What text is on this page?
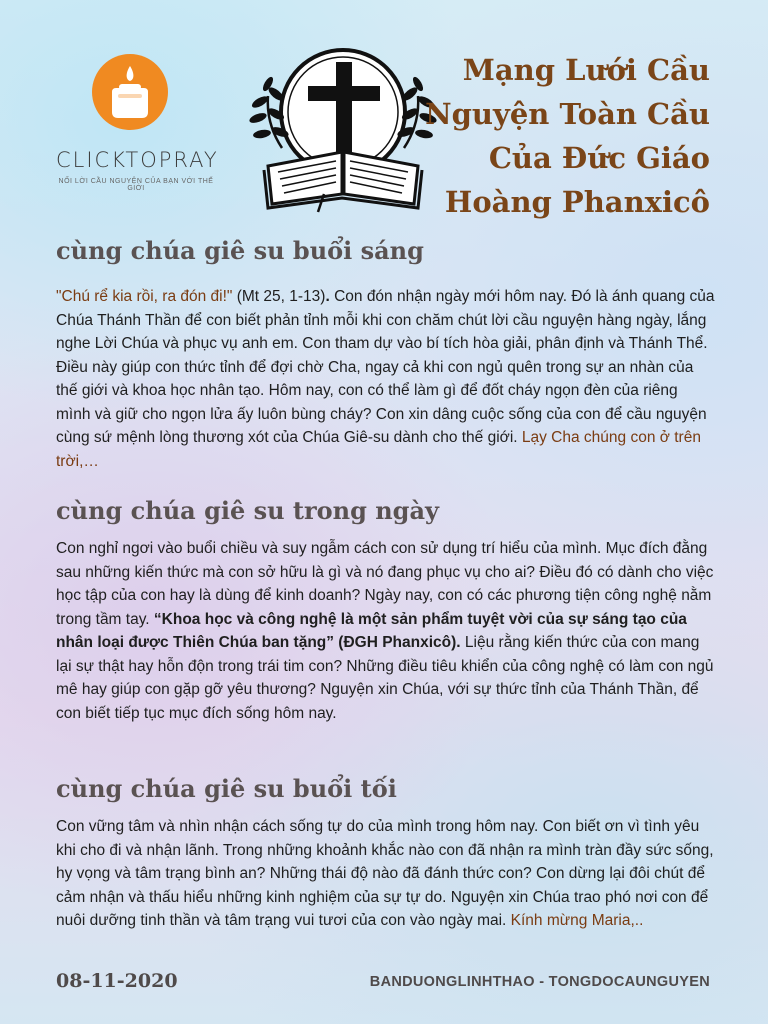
CLICKTOPRAY
NỐI LỜI CẦU NGUYỆN CỦA BẠN VỚI THẾ GIỚI
Mạng Lưới Cầu
Nguyện Toàn Cầu
Của Đức Giáo
Hoàng Phanxicô
cùng chúa giê su buổi sáng
"Chú rể kia rồi, ra đón đi!" (Mt 25, 1-13). Con đón nhận ngày mới hôm nay. Đó là ánh quang của Chúa Thánh Thần để con biết phản tỉnh mỗi khi con chăm chút lời cầu nguyện hàng ngày, lắng nghe Lời Chúa và phục vụ anh em. Con tham dự vào bí tích hòa giải, phân định và Thánh Thể. Điều này giúp con thức tỉnh để đợi chờ Cha, ngay cả khi con ngủ quên trong sự an nhàn của thế giới và khoa học nhân tạo. Hôm nay, con có thể làm gì để đốt cháy ngọn đèn của riêng mình và giữ cho ngọn lửa ấy luôn bùng cháy? Con xin dâng cuộc sống của con để cầu nguyện cùng sứ mệnh lòng thương xót của Chúa Giê-su dành cho thế giới. Lạy Cha chúng con ở trên trời,…
cùng chúa giê su trong ngày
Con nghỉ ngơi vào buổi chiều và suy ngẫm cách con sử dụng trí hiểu của mình. Mục đích đằng sau những kiến thức mà con sở hữu là gì và nó đang phục vụ cho ai? Điều đó có dành cho việc học tập của con hay là dùng để kinh doanh? Ngày nay, con có các phương tiện công nghệ nằm trong tầm tay. “Khoa học và công nghệ là một sản phẩm tuyệt vời của sự sáng tạo của nhân loại được Thiên Chúa ban tặng” (ĐGH Phanxicô). Liệu rằng kiến thức của con mang lại sự thật hay hỗn độn trong trái tim con? Những điều tiêu khiển của công nghệ có làm con ngủ mê hay giúp con gặp gỡ yêu thương? Nguyện xin Chúa, với sự thức tỉnh của Thánh Thần, để con biết tiếp tục mục đích sống hôm nay.
cùng chúa giê su buổi tối
Con vững tâm và nhìn nhận cách sống tự do của mình trong hôm nay. Con biết ơn vì tình yêu khi cho đi và nhận lãnh. Trong những khoảnh khắc nào con đã nhận ra mình tràn đầy sức sống, hy vọng và tâm trạng bình an? Những thái độ nào đã đánh thức con? Con dừng lại đôi chút để cảm nhận và thấu hiểu những kinh nghiệm của sự tự do. Nguyện xin Chúa trao phó nơi con để nuôi dưỡng tinh thần và tâm trạng vui tươi của con vào ngày mai. Kính mừng Maria,..
08-11-2020	BANDUONGLINHTHAO - TONGDOCAUNGUYEN
